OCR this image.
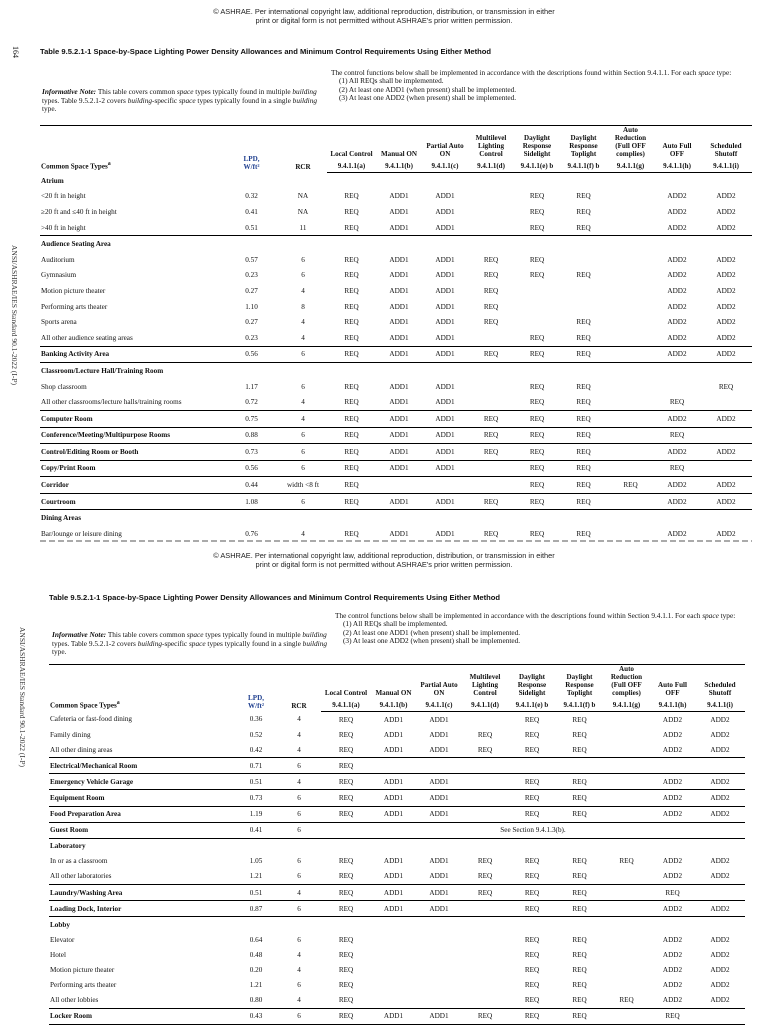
© ASHRAE. Per international copyright law, additional reproduction, distribution, or transmission in either
print or digital form is not permitted without ASHRAE's prior written permission.
164
ANSI/ASHRAE/IES Standard 90.1-2022 (I-P)
Table 9.5.2.1-1 Space-by-Space Lighting Power Density Allowances and Minimum Control Requirements Using Either Method
The control functions below shall be implemented in accordance with the descriptions found within Section 9.4.1.1. For each space type:
(1) All REQs shall be implemented.
(2) At least one ADD1 (when present) shall be implemented.
(3) At least one ADD2 (when present) shall be implemented.
Informative Note: This table covers common space types typically found in multiple building types. Table 9.5.2.1-2 covers building-specific space types typically found in a single building type.
Common Space Types$^a$	LPD,
W/ft²	RCR	Local Control	Manual ON	Partial Auto ON	Multilevel Lighting Control	Daylight Response Sidelight	Daylight Response Toplight	Auto Reduction (Full OFF complies)	Auto Full OFF	Scheduled Shutoff
			9.4.1.1(a)	9.4.1.1(b)	9.4.1.1(c)	9.4.1.1(d)	9.4.1.1(e) b	9.4.1.1(f) b	9.4.1.1(g)	9.4.1.1(h)	9.4.1.1(i)
Atrium											
<20 ft in height	0.32	NA	REQ	ADD1	ADD1		REQ	REQ		ADD2	ADD2
≥20 ft and ≤40 ft in height	0.41	NA	REQ	ADD1	ADD1		REQ	REQ		ADD2	ADD2
>40 ft in height	0.51	11	REQ	ADD1	ADD1		REQ	REQ		ADD2	ADD2
Audience Seating Area											
Auditorium	0.57	6	REQ	ADD1	ADD1	REQ	REQ			ADD2	ADD2
Gymnasium	0.23	6	REQ	ADD1	ADD1	REQ	REQ	REQ		ADD2	ADD2
Motion picture theater	0.27	4	REQ	ADD1	ADD1	REQ				ADD2	ADD2
Performing arts theater	1.10	8	REQ	ADD1	ADD1	REQ				ADD2	ADD2
Sports arena	0.27	4	REQ	ADD1	ADD1	REQ		REQ		ADD2	ADD2
All other audience seating areas	0.23	4	REQ	ADD1	ADD1		REQ	REQ		ADD2	ADD2
Banking Activity Area	0.56	6	REQ	ADD1	ADD1	REQ	REQ	REQ		ADD2	ADD2
Classroom/Lecture Hall/Training Room											
Shop classroom	1.17	6	REQ	ADD1	ADD1		REQ	REQ			REQ
All other classrooms/lecture halls/training rooms	0.72	4	REQ	ADD1	ADD1		REQ	REQ		REQ	
Computer Room	0.75	4	REQ	ADD1	ADD1	REQ	REQ	REQ		ADD2	ADD2
Conference/Meeting/Multipurpose Rooms	0.88	6	REQ	ADD1	ADD1	REQ	REQ	REQ		REQ	
Control/Editing Room or Booth	0.73	6	REQ	ADD1	ADD1	REQ	REQ	REQ		ADD2	ADD2
Copy/Print Room	0.56	6	REQ	ADD1	ADD1		REQ	REQ		REQ	
Corridor	0.44	width <8 ft	REQ				REQ	REQ	REQ	ADD2	ADD2
Courtroom	1.08	6	REQ	ADD1	ADD1	REQ	REQ	REQ		ADD2	ADD2
Dining Areas											
Bar/lounge or leisure dining	0.76	4	REQ	ADD1	ADD1	REQ	REQ	REQ		ADD2	ADD2
© ASHRAE. Per international copyright law, additional reproduction, distribution, or transmission in either
print or digital form is not permitted without ASHRAE's prior written permission.
ANSI/ASHRAE/IES Standard 90.1-2022 (I-P)
Table 9.5.2.1-1 Space-by-Space Lighting Power Density Allowances and Minimum Control Requirements Using Either Method
The control functions below shall be implemented in accordance with the descriptions found within Section 9.4.1.1. For each space type:
(1) All REQs shall be implemented.
(2) At least one ADD1 (when present) shall be implemented.
(3) At least one ADD2 (when present) shall be implemented.
Informative Note: This table covers common space types typically found in multiple building types. Table 9.5.2.1-2 covers building-specific space types typically found in a single building type.
Common Space Types$^a$	LPD,
W/ft²	RCR	Local Control	Manual ON	Partial Auto ON	Multilevel Lighting Control	Daylight Response Sidelight	Daylight Response Toplight	Auto Reduction (Full OFF complies)	Auto Full OFF	Scheduled Shutoff
			9.4.1.1(a)	9.4.1.1(b)	9.4.1.1(c)	9.4.1.1(d)	9.4.1.1(e) b	9.4.1.1(f) b	9.4.1.1(g)	9.4.1.1(h)	9.4.1.1(i)
Cafeteria or fast-food dining	0.36	4	REQ	ADD1	ADD1		REQ	REQ		ADD2	ADD2
Family dining	0.52	4	REQ	ADD1	ADD1	REQ	REQ	REQ		ADD2	ADD2
All other dining areas	0.42	4	REQ	ADD1	ADD1	REQ	REQ	REQ		ADD2	ADD2
Electrical/Mechanical Room	0.71	6	REQ								
Emergency Vehicle Garage	0.51	4	REQ	ADD1	ADD1		REQ	REQ		ADD2	ADD2
Equipment Room	0.73	6	REQ	ADD1	ADD1		REQ	REQ		ADD2	ADD2
Food Preparation Area	1.19	6	REQ	ADD1	ADD1		REQ	REQ		ADD2	ADD2
Guest Room	0.41	6	See Section 9.4.1.3(b).								
Laboratory											
In or as a classroom	1.05	6	REQ	ADD1	ADD1	REQ	REQ	REQ	REQ	ADD2	ADD2
All other laboratories	1.21	6	REQ	ADD1	ADD1	REQ	REQ	REQ		ADD2	ADD2
Laundry/Washing Area	0.51	4	REQ	ADD1	ADD1	REQ	REQ	REQ		REQ	
Loading Dock, Interior	0.87	6	REQ	ADD1	ADD1		REQ	REQ		ADD2	ADD2
Lobby											
Elevator	0.64	6	REQ				REQ	REQ		ADD2	ADD2
Hotel	0.48	4	REQ				REQ	REQ		ADD2	ADD2
Motion picture theater	0.20	4	REQ				REQ	REQ		ADD2	ADD2
Performing arts theater	1.21	6	REQ				REQ	REQ		ADD2	ADD2
All other lobbies	0.80	4	REQ				REQ	REQ	REQ	ADD2	ADD2
Locker Room	0.43	6	REQ	ADD1	ADD1	REQ	REQ	REQ		REQ	
